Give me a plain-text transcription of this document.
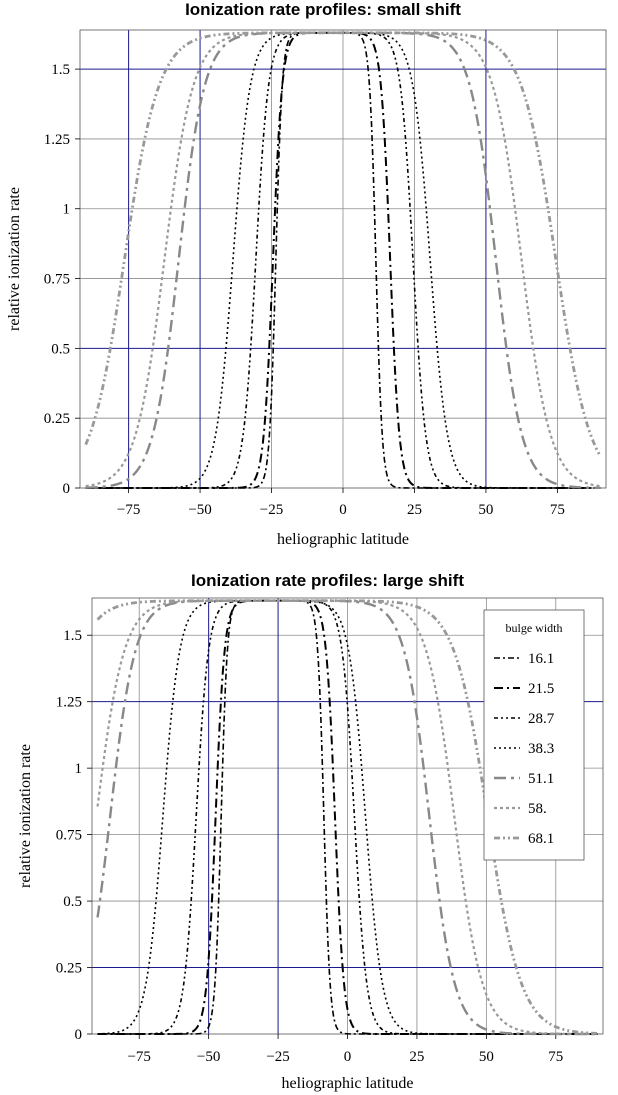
Ionization rate profiles: small shift
−75	−50	−25	0	25	50	75
0
0.25
0.5
0.75
1
1.25
1.5
heliographic latitude
relative ionization rate
Ionization rate profiles: large shift
−75	−50	−25	0	25	50	75
0
0.25
0.5
0.75
1
1.25
1.5
heliographic latitude
relative ionization rate
bulge width
16.1
21.5
28.7
38.3
51.1
58.
68.1
